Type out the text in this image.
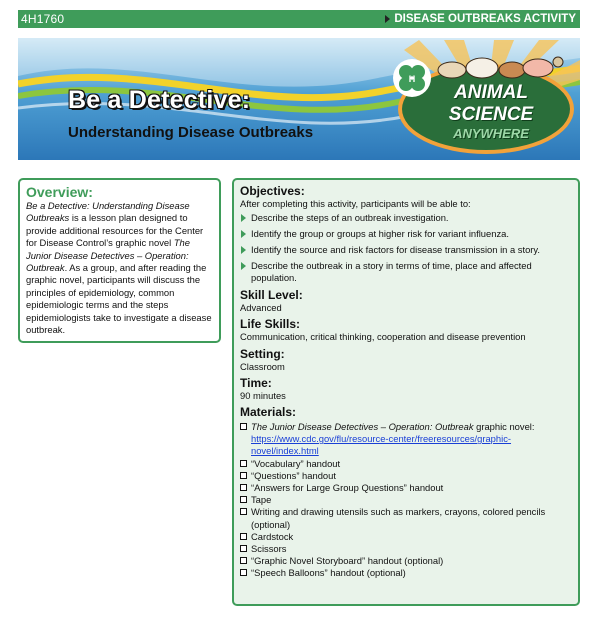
4H1760	DISEASE OUTBREAKS ACTIVITY
Be a Detective:
Understanding Disease Outbreaks
H
ANIMAL
SCIENCE
ANYWHERE
Overview:

Be a Detective: Understanding Disease Outbreaks is a lesson plan designed to provide additional resources for the Center for Disease Control’s graphic novel The Junior Disease Detectives – Operation: Outbreak. As a group, and after reading the graphic novel, participants will discuss the principles of epidemiology, common epidemiologic terms and the steps epidemiologists take to investigate a disease outbreak.

Objectives:
After completing this activity, participants will be able to:
Describe the steps of an outbreak investigation.
Identify the group or groups at higher risk for variant influenza.
Identify the source and risk factors for disease transmission in a story.
Describe the outbreak in a story in terms of time, place and affected population.
Skill Level:
Advanced
Life Skills:
Communication, critical thinking, cooperation and disease prevention
Setting:
Classroom
Time:
90 minutes
Materials:
The Junior Disease Detectives – Operation: Outbreak graphic novel:
https://www.cdc.gov/flu/resource-center/freeresources/graphic-novel/index.html
“Vocabulary” handout
“Questions” handout
“Answers for Large Group Questions” handout
Tape
Writing and drawing utensils such as markers, crayons, colored pencils (optional)
Cardstock
Scissors
“Graphic Novel Storyboard” handout (optional)
“Speech Balloons” handout (optional)
